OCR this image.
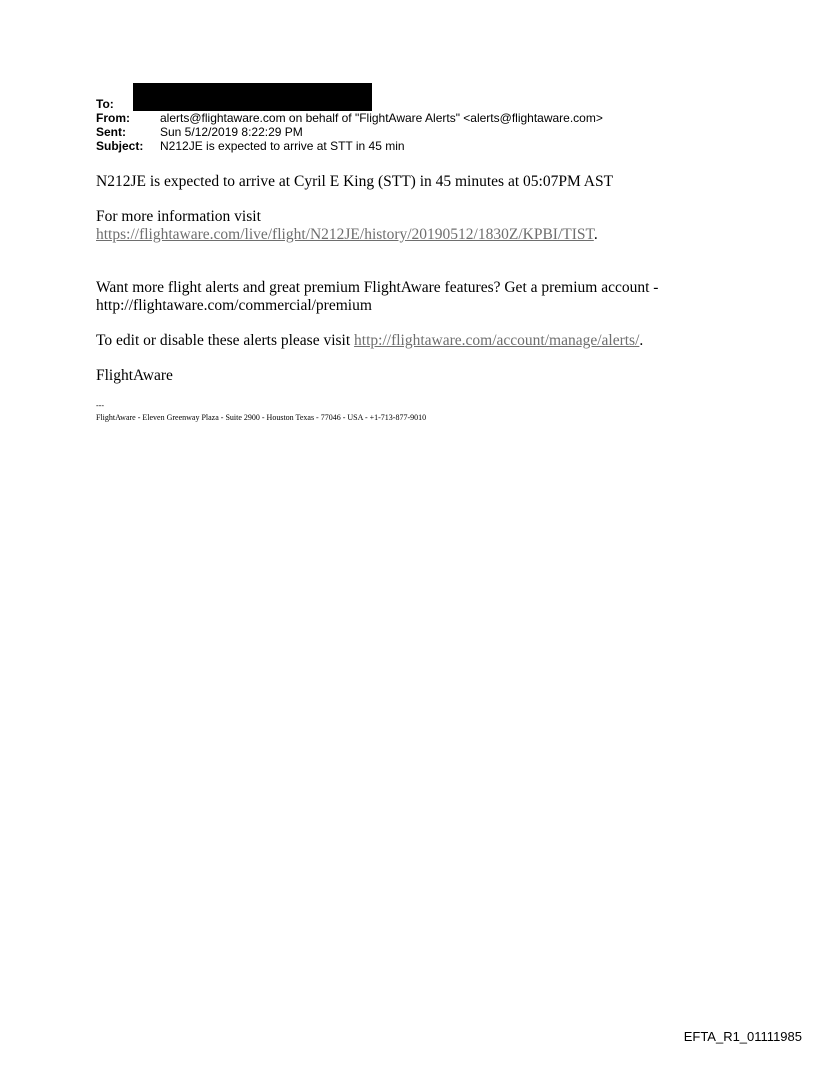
To:
From:	alerts@flightaware.com on behalf of "FlightAware Alerts" <alerts@flightaware.com>
Sent:	Sun 5/12/2019 8:22:29 PM
Subject: N212JE is expected to arrive at STT in 45 min
N212JE is expected to arrive at Cyril E King (STT) in 45 minutes at 05:07PM AST
For more information visit
https://flightaware.com/live/flight/N212JE/history/20190512/1830Z/KPBI/TIST.
Want more flight alerts and great premium FlightAware features? Get a premium account -
http://flightaware.com/commercial/premium
To edit or disable these alerts please visit http://flightaware.com/account/manage/alerts/.
FlightAware
---
FlightAware - Eleven Greenway Plaza - Suite 2900 - Houston Texas - 77046 - USA - +1-713-877-9010
EFTA_R1_01111985
